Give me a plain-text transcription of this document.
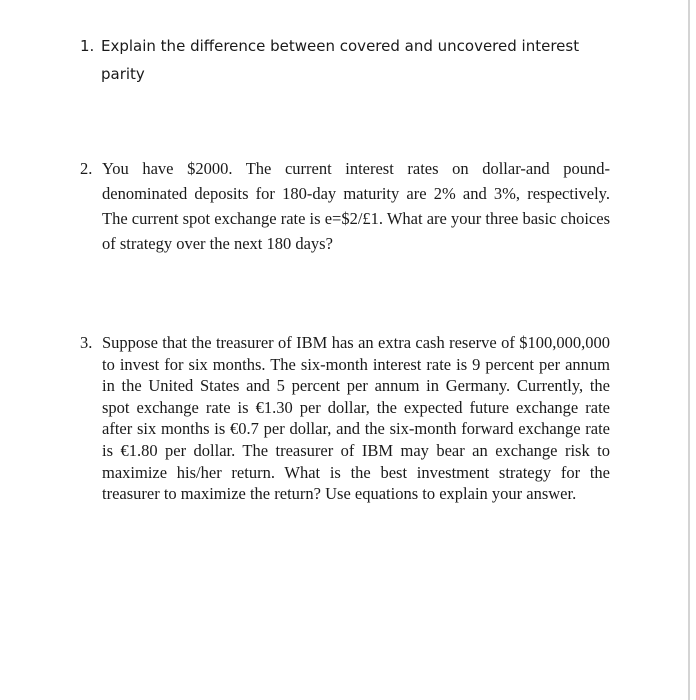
1. Explain the difference between covered and uncovered interest parity
2. You have $2000. The current interest rates on dollar-and pound-denominated deposits for 180-day maturity are 2% and 3%, respectively. The current spot exchange rate is e=$2/£1. What are your three basic choices of strategy over the next 180 days?
3. Suppose that the treasurer of IBM has an extra cash reserve of $100,000,000 to invest for six months. The six-month interest rate is 9 percent per annum in the United States and 5 percent per annum in Germany. Currently, the spot exchange rate is €1.30 per dollar, the expected future exchange rate after six months is €0.7 per dollar, and the six-month forward exchange rate is €1.80 per dollar. The treasurer of IBM may bear an exchange risk to maximize his/her return. What is the best investment strategy for the treasurer to maximize the return? Use equations to explain your answer.
